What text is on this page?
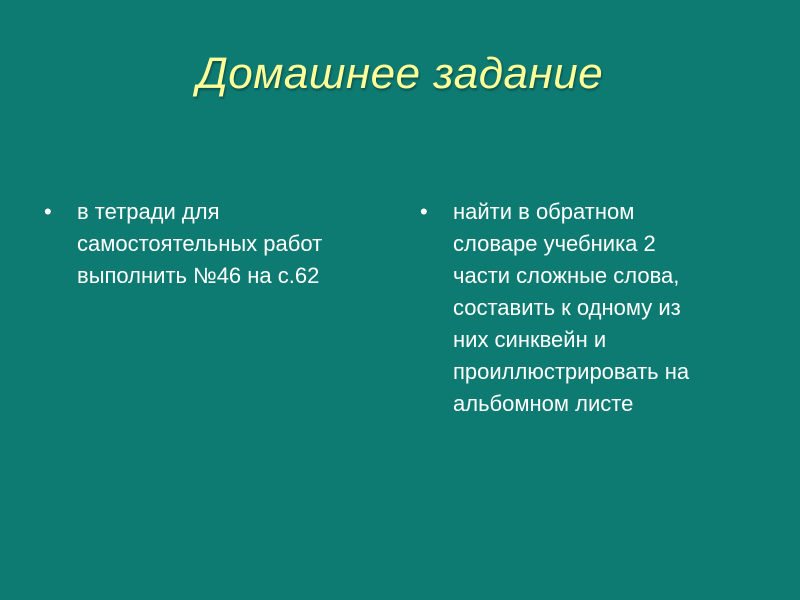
Домашнее задание
•	в тетради для
самостоятельных работ
выполнить №46 на с.62
•	найти в обратном
словаре учебника 2
части сложные слова,
составить к одному из
них синквейн и
проиллюстрировать на
альбомном листе
